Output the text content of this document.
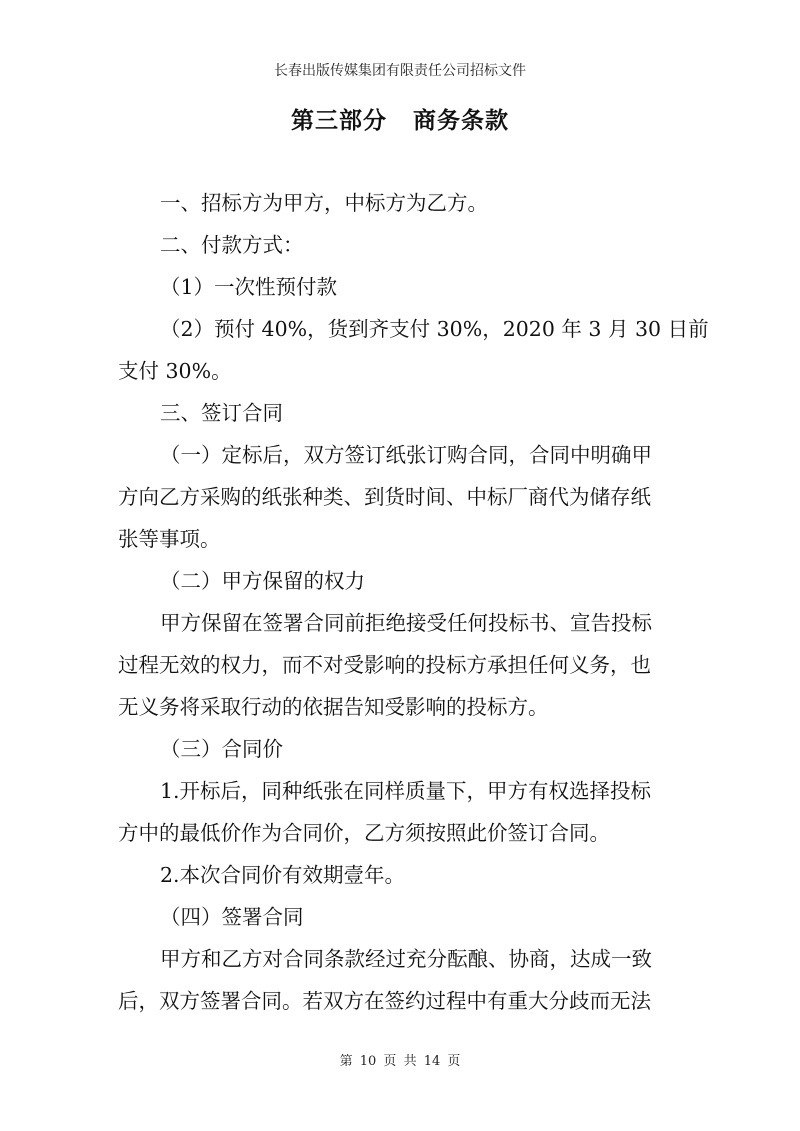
长春出版传媒集团有限责任公司招标文件
第三部分 商务条款
一、招标方为甲方，中标方为乙方。
二、付款方式：
（1）一次性预付款
（2）预付 40%，货到齐支付 30%，2020 年 3 月 30 日前
支付 30%。
三、签订合同
（一）定标后，双方签订纸张订购合同，合同中明确甲
方向乙方采购的纸张种类、到货时间、中标厂商代为储存纸
张等事项。
（二）甲方保留的权力
甲方保留在签署合同前拒绝接受任何投标书、宣告投标
过程无效的权力，而不对受影响的投标方承担任何义务，也
无义务将采取行动的依据告知受影响的投标方。
（三）合同价
1.开标后，同种纸张在同样质量下，甲方有权选择投标
方中的最低价作为合同价，乙方须按照此价签订合同。
2.本次合同价有效期壹年。
（四）签署合同
甲方和乙方对合同条款经过充分酝酿、协商，达成一致
后，双方签署合同。若双方在签约过程中有重大分歧而无法
第 10 页 共 14 页
